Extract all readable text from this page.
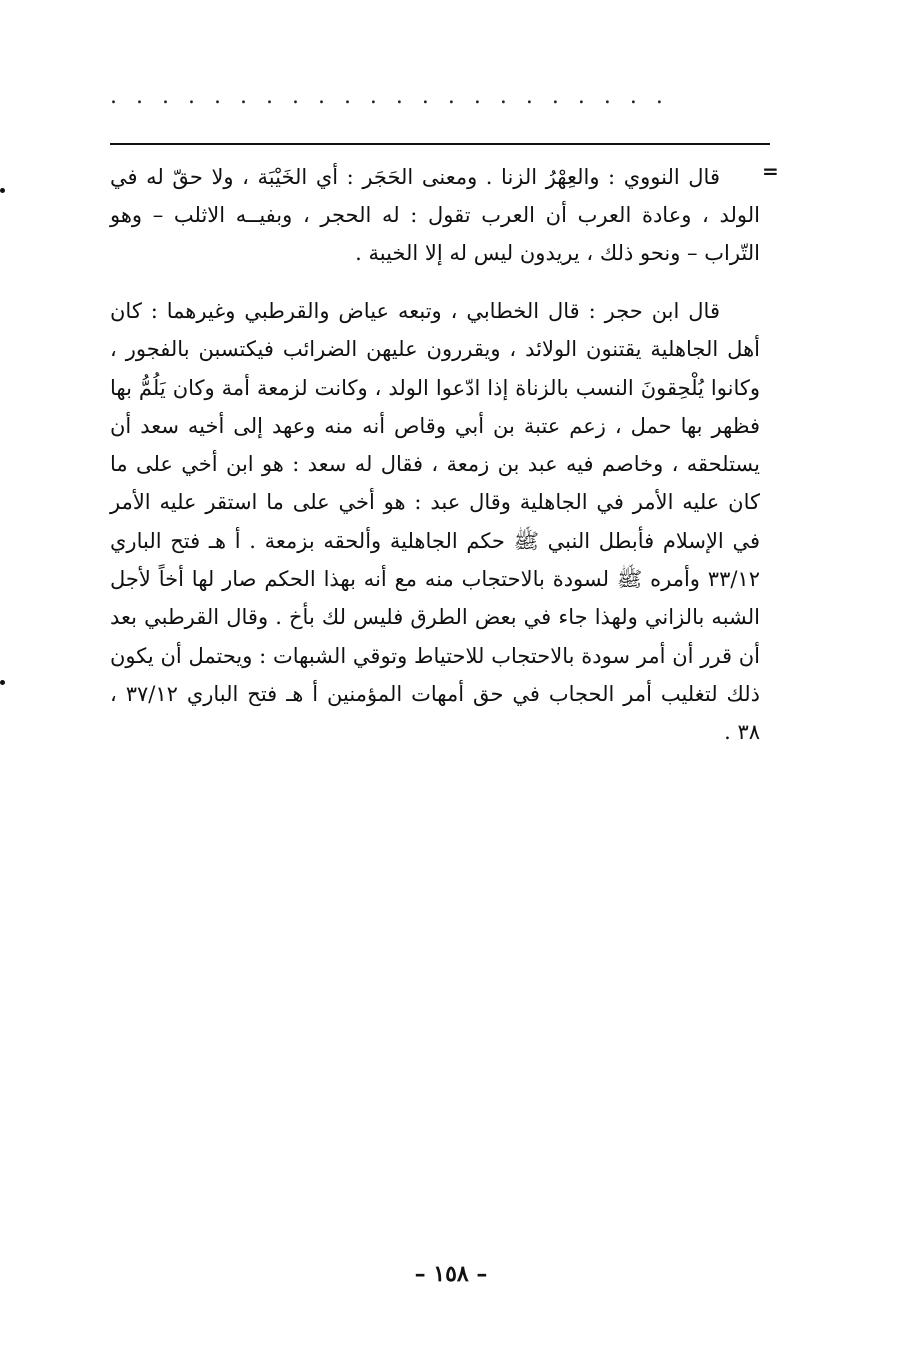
......................
=

قال النووي : والعِهْرُ الزنا . ومعنى الحَجَر : أي الخَيْبَة ، ولا حقّ له في الولد ، وعادة العرب أن العرب تقول : له الحجر ، وبفيــه الاثلب – وهو التّراب – ونحو ذلك ، يريدون ليس له إلا الخيبة .

قال ابن حجر : قال الخطابي ، وتبعه عياض والقرطبي وغيرهما : كان أهل الجاهلية يقتنون الولائد ، ويقررون عليهن الضرائب فيكتسبن بالفجور ، وكانوا يُلْحِقونَ النسب بالزناة إذا ادّعوا الولد ، وكانت لزمعة أمة وكان يَلُمُّ بها فظهر بها حمل ، زعم عتبة بن أبي وقاص أنه منه وعهد إلى أخيه سعد أن يستلحقه ، وخاصم فيه عبد بن زمعة ، فقال له سعد : هو ابن أخي على ما كان عليه الأمر في الجاهلية وقال عبد : هو أخي على ما استقر عليه الأمر في الإسلام فأبطل النبي ﷺ حكم الجاهلية وألحقه بزمعة . أ هـ فتح الباري ٣٣/١٢ وأمره ﷺ لسودة بالاحتجاب منه مع أنه بهذا الحكم صار لها أخاً لأجل الشبه بالزاني ولهذا جاء في بعض الطرق فليس لك بأخ . وقال القرطبي بعد أن قرر أن أمر سودة بالاحتجاب للاحتياط وتوقي الشبهات : ويحتمل أن يكون ذلك لتغليب أمر الحجاب في حق أمهات المؤمنين أ هـ فتح الباري ٣٧/١٢ ، ٣٨ .

– ١٥٨ –
